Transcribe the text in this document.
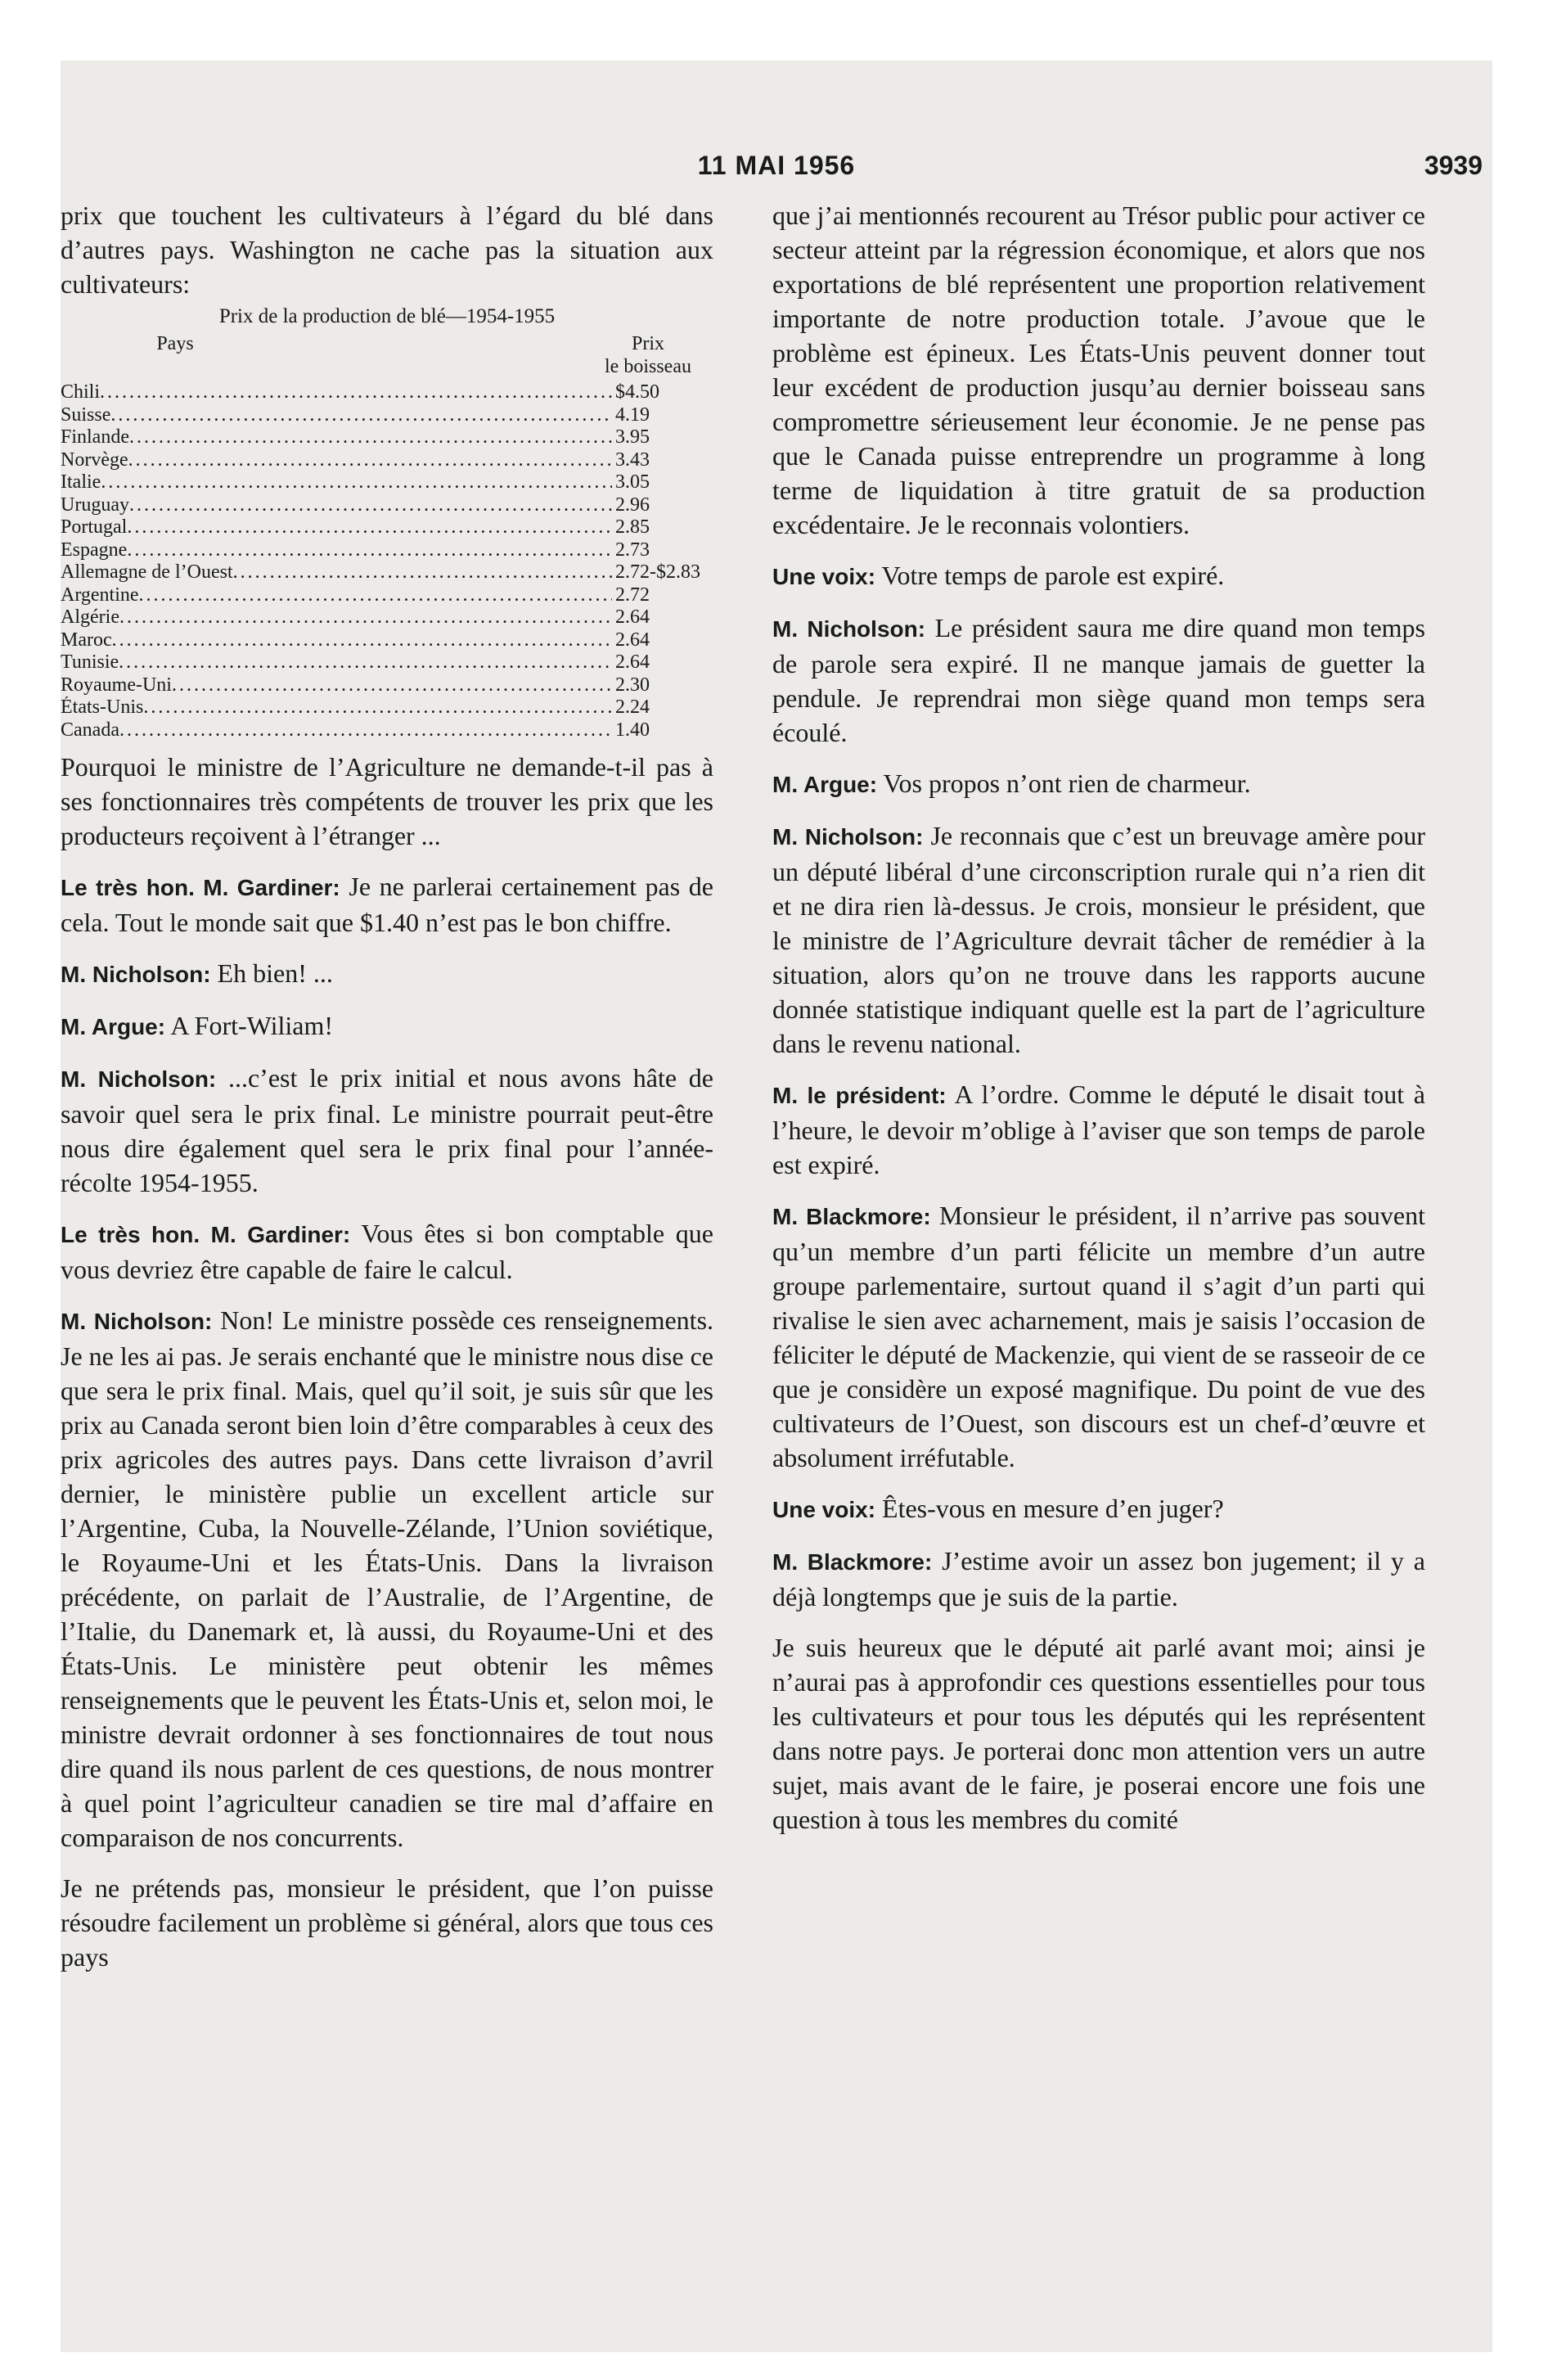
11 MAI 1956	3939

prix que touchent les cultivateurs à l’égard du blé dans d’autres pays. Washington ne cache pas la situation aux cultivateurs:

Prix de la production de blé—1954-1955
Pays	Prix
le boisseau
Chili .....	$4.50
Suisse .....	4.19
Finlande .....	3.95
Norvège .....	3.43
Italie .....	3.05
Uruguay .....	2.96
Portugal .....	2.85
Espagne .....	2.73
Allemagne de l’Ouest .....	2.72-$2.83
Argentine .....	2.72
Algérie .....	2.64
Maroc .....	2.64
Tunisie .....	2.64
Royaume-Uni .....	2.30
États-Unis .....	2.24
Canada .....	1.40

Pourquoi le ministre de l’Agriculture ne demande-t-il pas à ses fonctionnaires très compétents de trouver les prix que les producteurs reçoivent à l’étranger ...

Le très hon. M. Gardiner: Je ne parlerai certainement pas de cela. Tout le monde sait que $1.40 n’est pas le bon chiffre.

M. Nicholson: Eh bien! ...

M. Argue: A Fort-Wiliam!

M. Nicholson: ...c’est le prix initial et nous avons hâte de savoir quel sera le prix final. Le ministre pourrait peut-être nous dire également quel sera le prix final pour l’année-récolte 1954-1955.

Le très hon. M. Gardiner: Vous êtes si bon comptable que vous devriez être capable de faire le calcul.

M. Nicholson: Non! Le ministre possède ces renseignements. Je ne les ai pas. Je serais enchanté que le ministre nous dise ce que sera le prix final. Mais, quel qu’il soit, je suis sûr que les prix au Canada seront bien loin d’être comparables à ceux des prix agricoles des autres pays. Dans cette livraison d’avril dernier, le ministère publie un excellent article sur l’Argentine, Cuba, la Nouvelle-Zélande, l’Union soviétique, le Royaume-Uni et les États-Unis. Dans la livraison précédente, on parlait de l’Australie, de l’Argentine, de l’Italie, du Danemark et, là aussi, du Royaume-Uni et des États-Unis. Le ministère peut obtenir les mêmes renseignements que le peuvent les États-Unis et, selon moi, le ministre devrait ordonner à ses fonctionnaires de tout nous dire quand ils nous parlent de ces questions, de nous montrer à quel point l’agriculteur canadien se tire mal d’affaire en comparaison de nos concurrents.

Je ne prétends pas, monsieur le président, que l’on puisse résoudre facilement un problème si général, alors que tous ces pays

que j’ai mentionnés recourent au Trésor public pour activer ce secteur atteint par la régression économique, et alors que nos exportations de blé représentent une proportion relativement importante de notre production totale. J’avoue que le problème est épineux. Les États-Unis peuvent donner tout leur excédent de production jusqu’au dernier boisseau sans compromettre sérieusement leur économie. Je ne pense pas que le Canada puisse entreprendre un programme à long terme de liquidation à titre gratuit de sa production excédentaire. Je le reconnais volontiers.

Une voix: Votre temps de parole est expiré.

M. Nicholson: Le président saura me dire quand mon temps de parole sera expiré. Il ne manque jamais de guetter la pendule. Je reprendrai mon siège quand mon temps sera écoulé.

M. Argue: Vos propos n’ont rien de charmeur.

M. Nicholson: Je reconnais que c’est un breuvage amère pour un député libéral d’une circonscription rurale qui n’a rien dit et ne dira rien là-dessus. Je crois, monsieur le président, que le ministre de l’Agriculture devrait tâcher de remédier à la situation, alors qu’on ne trouve dans les rapports aucune donnée statistique indiquant quelle est la part de l’agriculture dans le revenu national.

M. le président: A l’ordre. Comme le député le disait tout à l’heure, le devoir m’oblige à l’aviser que son temps de parole est expiré.

M. Blackmore: Monsieur le président, il n’arrive pas souvent qu’un membre d’un parti félicite un membre d’un autre groupe parlementaire, surtout quand il s’agit d’un parti qui rivalise le sien avec acharnement, mais je saisis l’occasion de féliciter le député de Mackenzie, qui vient de se rasseoir de ce que je considère un exposé magnifique. Du point de vue des cultivateurs de l’Ouest, son discours est un chef-d’œuvre et absolument irréfutable.

Une voix: Êtes-vous en mesure d’en juger?

M. Blackmore: J’estime avoir un assez bon jugement; il y a déjà longtemps que je suis de la partie.

Je suis heureux que le député ait parlé avant moi; ainsi je n’aurai pas à approfondir ces questions essentielles pour tous les cultivateurs et pour tous les députés qui les représentent dans notre pays. Je porterai donc mon attention vers un autre sujet, mais avant de le faire, je poserai encore une fois une question à tous les membres du comité
